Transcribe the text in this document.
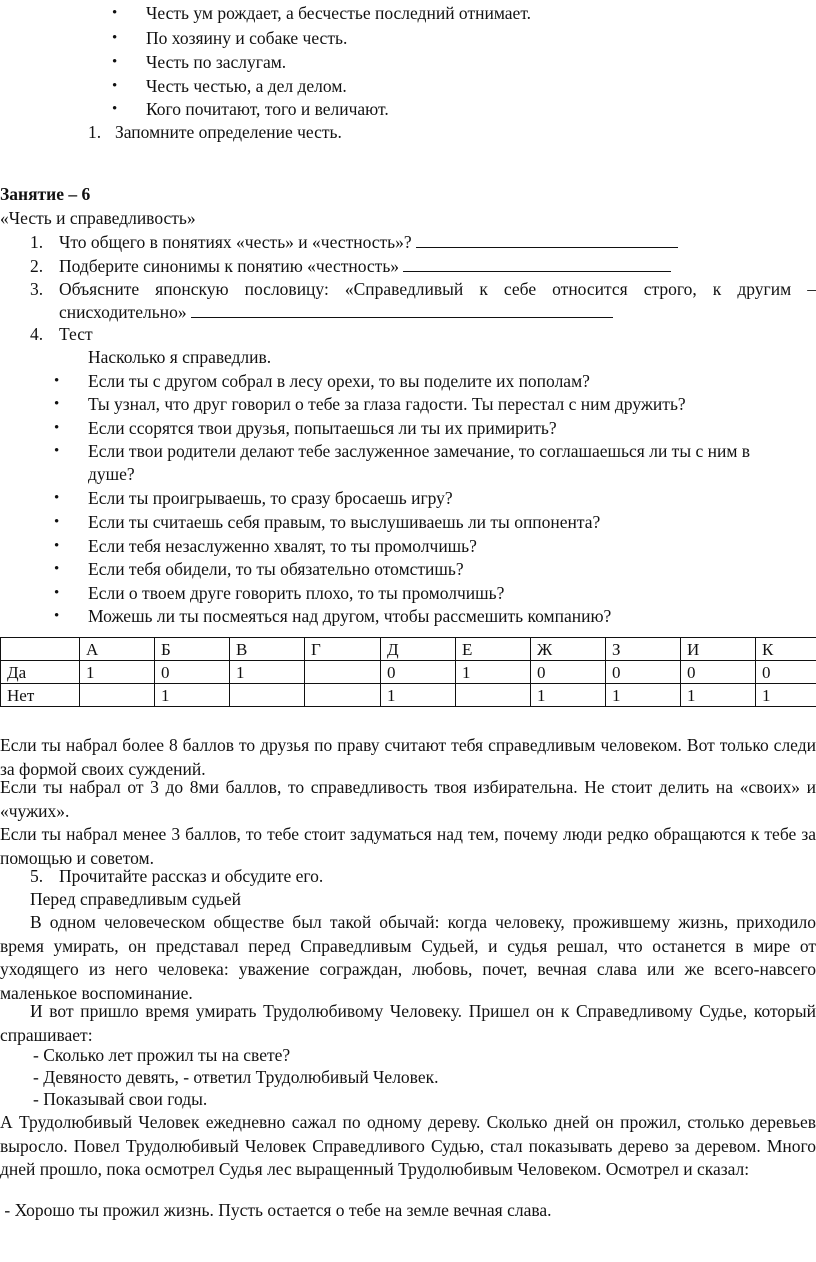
• Честь ум рождает, а бесчестье последний отнимает.
• По хозяину и собаке честь.
• Честь по заслугам.
• Честь честью, а дел делом.
• Кого почитают, того и величают.
1. Запомните определение честь.
Занятие – 6
«Честь и справедливость»
1. Что общего в понятиях «честь» и «честность»?
2. Подберите синонимы к понятию «честность»
3. Объясните японскую пословицу: «Справедливый к себе относится строго, к другим –
снисходительно»
4. Тест
Насколько я справедлив.
• Если ты с другом собрал в лесу орехи, то вы поделите их пополам?
• Ты узнал, что друг говорил о тебе за глаза гадости. Ты перестал с ним дружить?
• Если ссорятся твои друзья, попытаешься ли ты их примирить?
• Если твои родители делают тебе заслуженное замечание, то соглашаешься ли ты с ним в
душе?
• Если ты проигрываешь, то сразу бросаешь игру?
• Если ты считаешь себя правым, то выслушиваешь ли ты оппонента?
• Если тебя незаслуженно хвалят, то ты промолчишь?
• Если тебя обидели, то ты обязательно отомстишь?
• Если о твоем друге говорить плохо, то ты промолчишь?
• Можешь ли ты посмеяться над другом, чтобы рассмешить компанию?
	А	Б	В	Г	Д	Е	Ж	З	И	К
Да	1	0	1		0	1	0	0	0	0
Нет		1			1		1	1	1	1
Если ты набрал более 8 баллов то друзья по праву считают тебя справедливым человеком. Вот только следи за формой своих суждений.
Если ты набрал от 3 до 8ми баллов, то справедливость твоя избирательна. Не стоит делить на «своих» и «чужих».
Если ты набрал менее 3 баллов, то тебе стоит задуматься над тем, почему люди редко обращаются к тебе за помощью и советом.
5. Прочитайте рассказ и обсудите его.
Перед справедливым судьей
В одном человеческом обществе был такой обычай: когда человеку, прожившему жизнь, приходило время умирать, он представал перед Справедливым Судьей, и судья решал, что останется в мире от уходящего из него человека: уважение сограждан, любовь, почет, вечная слава или же всего-навсего маленькое воспоминание.
И вот пришло время умирать Трудолюбивому Человеку. Пришел он к Справедливому Судье, который спрашивает:
- Сколько лет прожил ты на свете?
- Девяносто девять, - ответил Трудолюбивый Человек.
- Показывай свои годы.
А Трудолюбивый Человек ежедневно сажал по одному дереву. Сколько дней он прожил, столько деревьев выросло. Повел Трудолюбивый Человек Справедливого Судью, стал показывать дерево за деревом. Много дней прошло, пока осмотрел Судья лес выращенный Трудолюбивым Человеком. Осмотрел и сказал:
- Хорошо ты прожил жизнь. Пусть остается о тебе на земле вечная слава.
